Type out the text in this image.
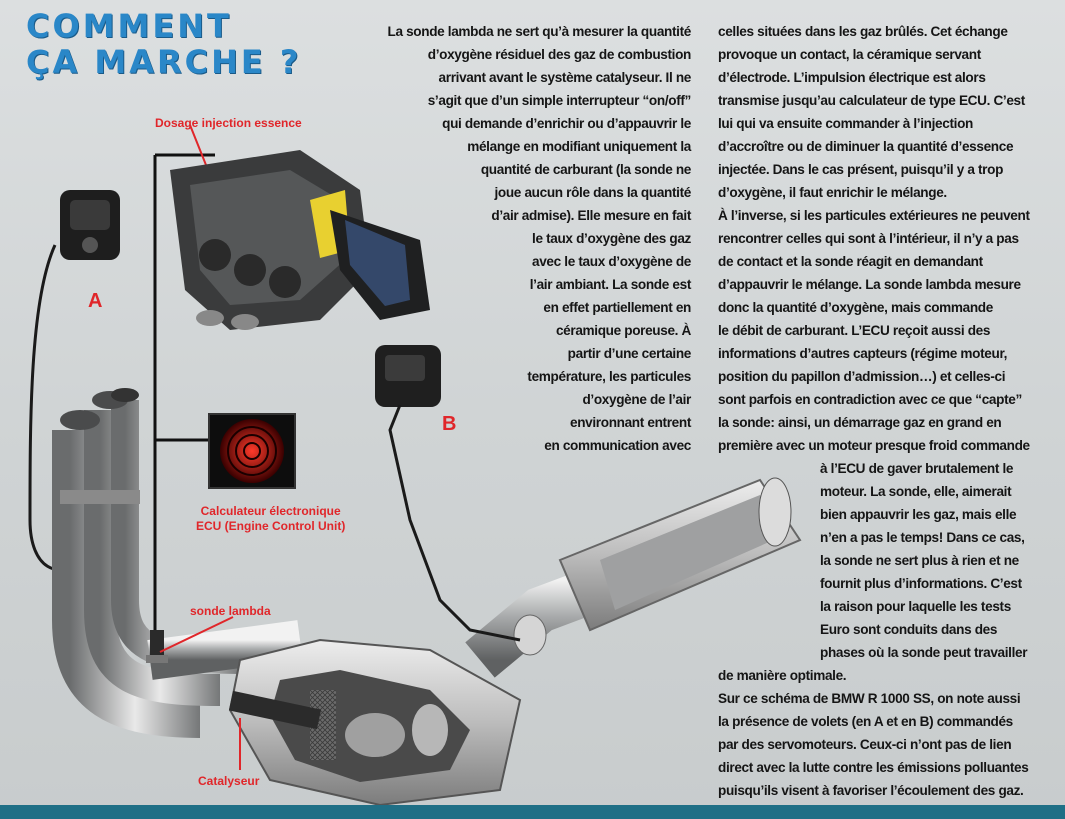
COMMENT
ÇA MARCHE ?
Dosage injection essence
A
B
Calculateur électronique
ECU (Engine Control Unit)
sonde lambda
Catalyseur
La sonde lambda ne sert qu’à mesurer la quantité
d’oxygène résiduel des gaz de combustion
arrivant avant le système catalyseur. Il ne
s’agit que d’un simple interrupteur “on/off”
qui demande d’enrichir ou d’appauvrir le
mélange en modifiant uniquement la
quantité de carburant (la sonde ne
joue aucun rôle dans la quantité
d’air admise). Elle mesure en fait
le taux d’oxygène des gaz
avec le taux d’oxygène de
l’air ambiant. La sonde est
en effet partiellement en
céramique poreuse. À
partir d’une certaine
température, les particules
d’oxygène de l’air
environnant entrent
en communication avec
celles situées dans les gaz brûlés. Cet échange
provoque un contact, la céramique servant
d’électrode. L’impulsion électrique est alors
transmise jusqu’au calculateur de type ECU. C’est
lui qui va ensuite commander à l’injection
d’accroître ou de diminuer la quantité d’essence
injectée. Dans le cas présent, puisqu’il y a trop
d’oxygène, il faut enrichir le mélange.
À l’inverse, si les particules extérieures ne peuvent
rencontrer celles qui sont à l’intérieur, il n’y a pas
de contact et la sonde réagit en demandant
d’appauvrir le mélange. La sonde lambda mesure
donc la quantité d’oxygène, mais commande
le débit de carburant. L’ECU reçoit aussi des
informations d’autres capteurs (régime moteur,
position du papillon d’admission…) et celles-ci
sont parfois en contradiction avec ce que “capte”
la sonde: ainsi, un démarrage gaz en grand en
première avec un moteur presque froid commande
à l’ECU de gaver brutalement le
moteur. La sonde, elle, aimerait
bien appauvrir les gaz, mais elle
n’en a pas le temps! Dans ce cas,
la sonde ne sert plus à rien et ne
fournit plus d’informations. C’est
la raison pour laquelle les tests
Euro sont conduits dans des
phases où la sonde peut travailler
de manière optimale.
Sur ce schéma de BMW R 1000 SS, on note aussi
la présence de volets (en A et en B) commandés
par des servomoteurs. Ceux-ci n’ont pas de lien
direct avec la lutte contre les émissions polluantes
puisqu’ils visent à favoriser l’écoulement des gaz.
